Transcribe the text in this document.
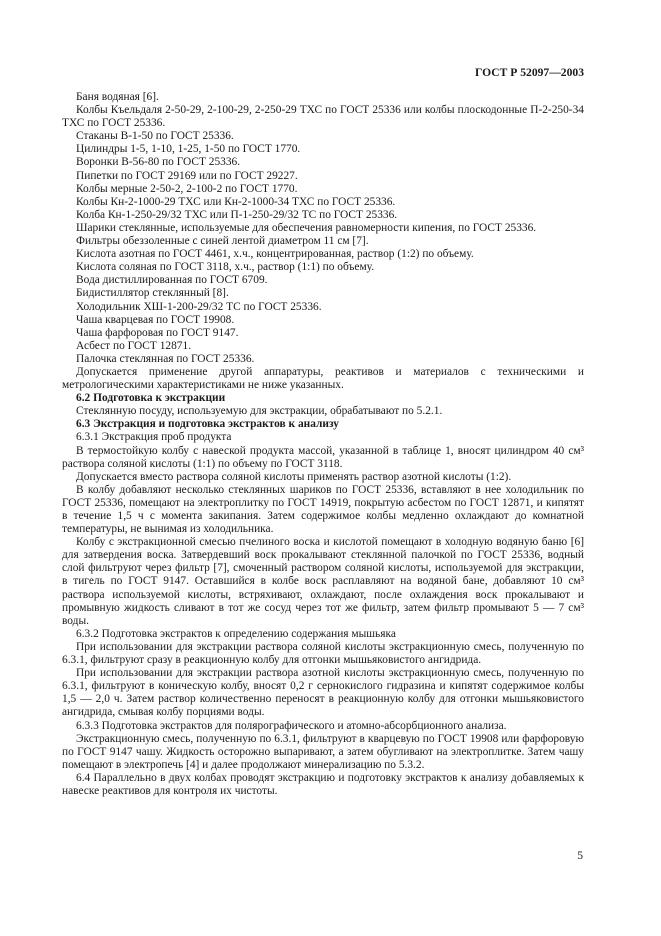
ГОСТ Р 52097—2003

Баня водяная [6].

Колбы Къельдаля 2-50-29, 2-100-29, 2-250-29 ТХС по ГОСТ 25336 или колбы плоскодонные П-2-250-34 ТХС по ГОСТ 25336.

Стаканы В-1-50 по ГОСТ 25336.

Цилиндры 1-5, 1-10, 1-25, 1-50 по ГОСТ 1770.

Воронки В-56-80 по ГОСТ 25336.

Пипетки по ГОСТ 29169 или по ГОСТ 29227.

Колбы мерные 2-50-2, 2-100-2 по ГОСТ 1770.

Колбы Кн-2-1000-29 ТХС или Кн-2-1000-34 ТХС по ГОСТ 25336.

Колба Кн-1-250-29/32 ТХС или П-1-250-29/32 ТС по ГОСТ 25336.

Шарики стеклянные, используемые для обеспечения равномерности кипения, по ГОСТ 25336.

Фильтры обеззоленные с синей лентой диаметром 11 см [7].

Кислота азотная по ГОСТ 4461, х.ч., концентрированная, раствор (1:2) по объему.

Кислота соляная по ГОСТ 3118, х.ч., раствор (1:1) по объему.

Вода дистиллированная по ГОСТ 6709.

Бидистиллятор стеклянный [8].

Холодильник ХШ-1-200-29/32 ТС по ГОСТ 25336.

Чаша кварцевая по ГОСТ 19908.

Чаша фарфоровая по ГОСТ 9147.

Асбест по ГОСТ 12871.

Палочка стеклянная по ГОСТ 25336.

Допускается применение другой аппаратуры, реактивов и материалов с техническими и метрологическими характеристиками не ниже указанных.

6.2 Подготовка к экстракции

Стеклянную посуду, используемую для экстракции, обрабатывают по 5.2.1.

6.3 Экстракция и подготовка экстрактов к анализу

6.3.1 Экстракция проб продукта

В термостойкую колбу с навеской продукта массой, указанной в таблице 1, вносят цилиндром 40 см³ раствора соляной кислоты (1:1) по объему по ГОСТ 3118.

Допускается вместо раствора соляной кислоты применять раствор азотной кислоты (1:2).

В колбу добавляют несколько стеклянных шариков по ГОСТ 25336, вставляют в нее холодильник по ГОСТ 25336, помещают на электроплитку по ГОСТ 14919, покрытую асбестом по ГОСТ 12871, и кипятят в течение 1,5 ч с момента закипания. Затем содержимое колбы медленно охлаждают до комнатной температуры, не вынимая из холодильника.

Колбу с экстракционной смесью пчелиного воска и кислотой помещают в холодную водяную баню [6] для затвердения воска. Затвердевший воск прокалывают стеклянной палочкой по ГОСТ 25336, водный слой фильтруют через фильтр [7], смоченный раствором соляной кислоты, используемой для экстракции, в тигель по ГОСТ 9147. Оставшийся в колбе воск расплавляют на водяной бане, добавляют 10 см³ раствора используемой кислоты, встряхивают, охлаждают, после охлаждения воск прокалывают и промывную жидкость сливают в тот же сосуд через тот же фильтр, затем фильтр промывают 5 — 7 см³ воды.

6.3.2 Подготовка экстрактов к определению содержания мышьяка

При использовании для экстракции раствора соляной кислоты экстракционную смесь, полученную по 6.3.1, фильтруют сразу в реакционную колбу для отгонки мышьяковистого ангидрида.

При использовании для экстракции раствора азотной кислоты экстракционную смесь, полученную по 6.3.1, фильтруют в коническую колбу, вносят 0,2 г сернокислого гидразина и кипятят содержимое колбы 1,5 — 2,0 ч. Затем раствор количественно переносят в реакционную колбу для отгонки мышьяковистого ангидрида, смывая колбу порциями воды.

6.3.3 Подготовка экстрактов для полярографического и атомно-абсорбционного анализа.

Экстракционную смесь, полученную по 6.3.1, фильтруют в кварцевую по ГОСТ 19908 или фарфоровую по ГОСТ 9147 чашу. Жидкость осторожно выпаривают, а затем обугливают на электроплитке. Затем чашу помещают в электропечь [4] и далее продолжают минерализацию по 5.3.2.

6.4 Параллельно в двух колбах проводят экстракцию и подготовку экстрактов к анализу добавляемых к навеске реактивов для контроля их чистоты.

5
